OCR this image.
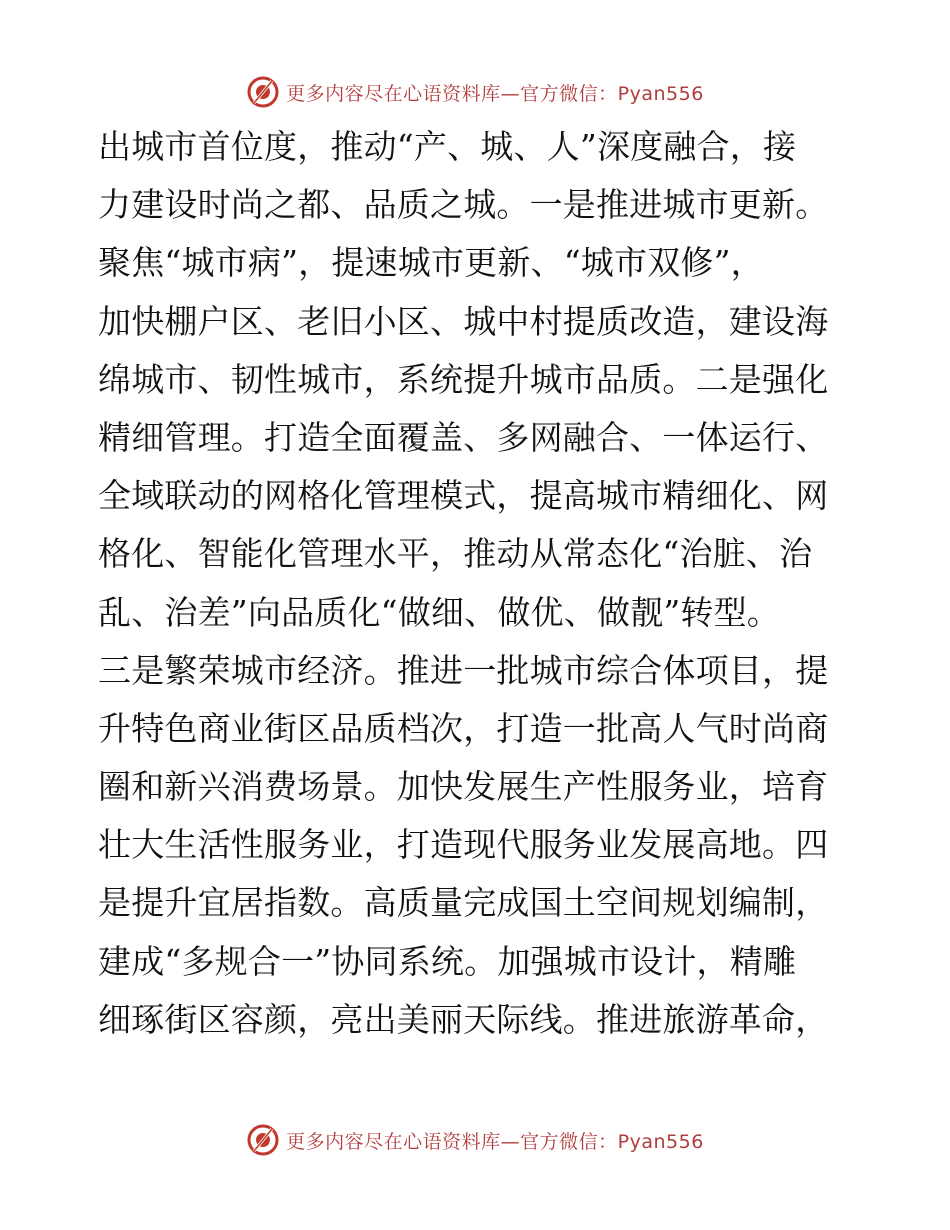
更多内容尽在心语资料库—官方微信：Pyan556
出城市首位度，推动“产、城、人”深度融合，接
力建设时尚之都、品质之城。一是推进城市更新。
聚焦“城市病”，提速城市更新、“城市双修”，
加快棚户区、老旧小区、城中村提质改造，建设海
绵城市、韧性城市，系统提升城市品质。二是强化
精细管理。打造全面覆盖、多网融合、一体运行、
全域联动的网格化管理模式，提高城市精细化、网
格化、智能化管理水平，推动从常态化“治脏、治
乱、治差”向品质化“做细、做优、做靓”转型。
三是繁荣城市经济。推进一批城市综合体项目，提
升特色商业街区品质档次，打造一批高人气时尚商
圈和新兴消费场景。加快发展生产性服务业，培育
壮大生活性服务业，打造现代服务业发展高地。四
是提升宜居指数。高质量完成国土空间规划编制，
建成“多规合一”协同系统。加强城市设计，精雕
细琢街区容颜，亮出美丽天际线。推进旅游革命，
更多内容尽在心语资料库—官方微信：Pyan556
